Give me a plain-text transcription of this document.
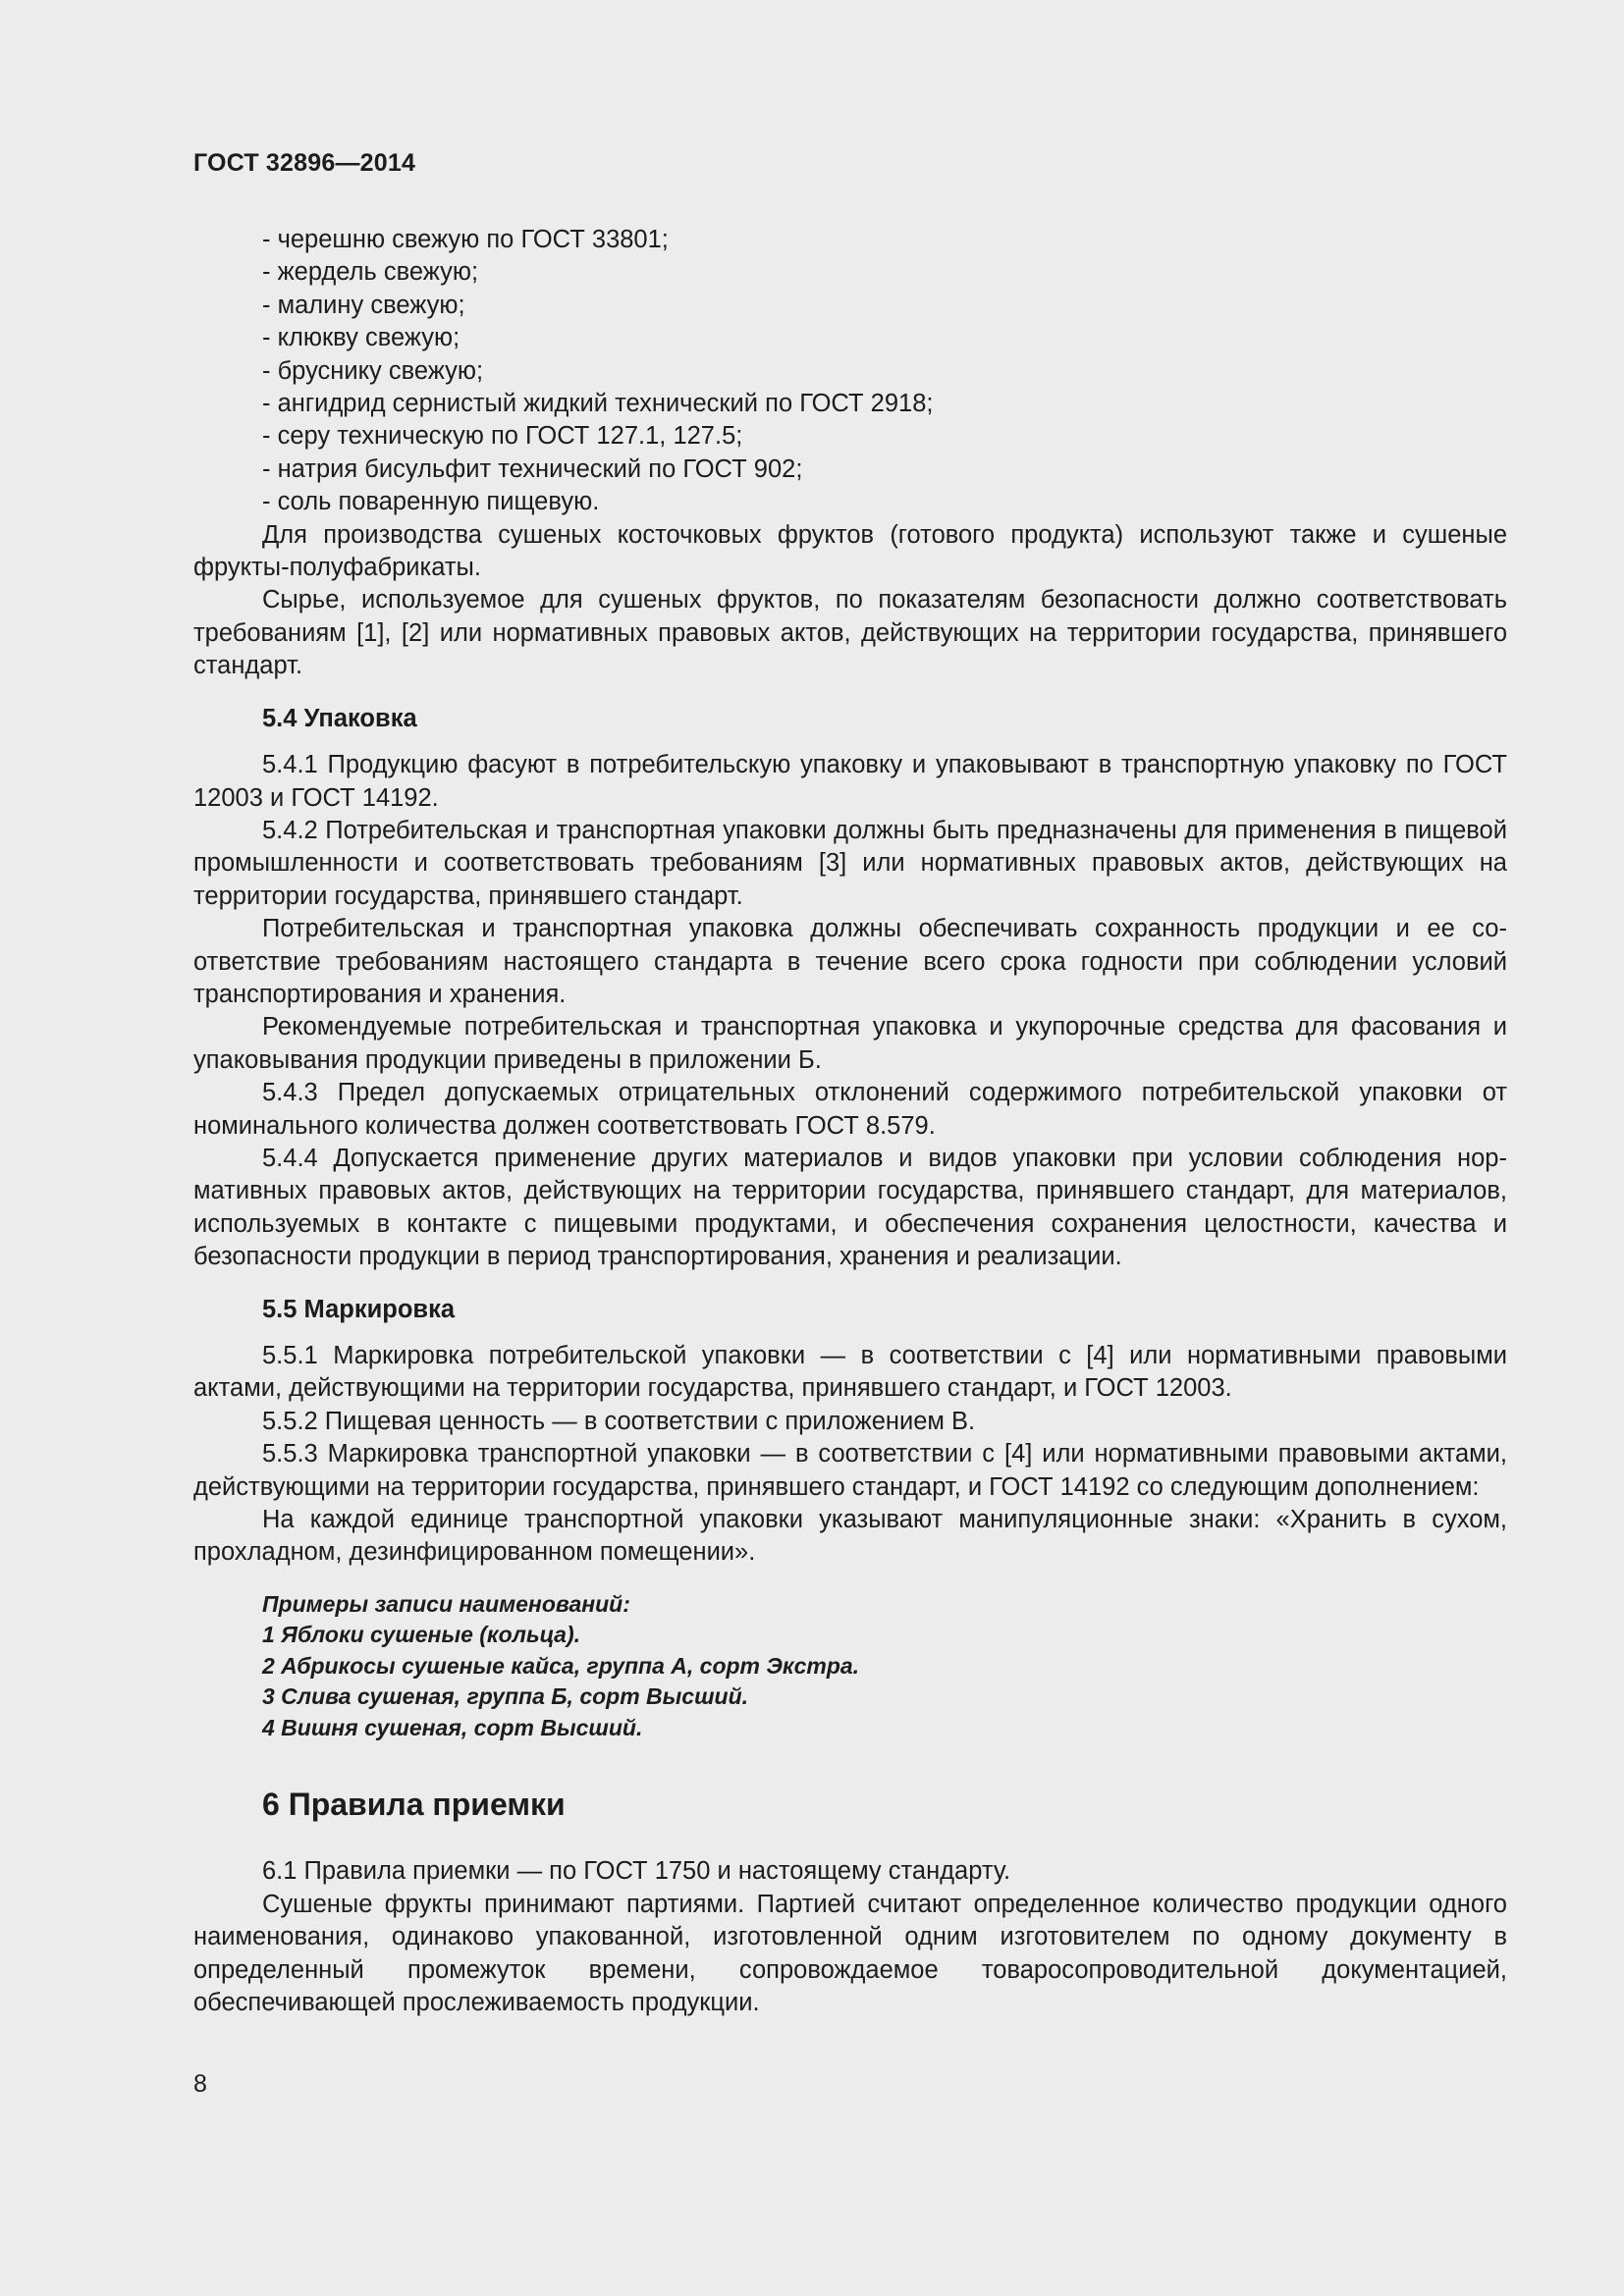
ГОСТ 32896—2014

- черешню свежую по ГОСТ 33801;

- жердель свежую;

- малину свежую;

- клюкву свежую;

- бруснику свежую;

- ангидрид сернистый жидкий технический по ГОСТ 2918;

- серу техническую по ГОСТ 127.1, 127.5;

- натрия бисульфит технический по ГОСТ 902;

- соль поваренную пищевую.

Для производства сушеных косточковых фруктов (готового продукта) используют также и сушеные фрукты-полуфабрикаты.

Сырье, используемое для сушеных фруктов, по показателям безопасности должно соответствовать требованиям [1], [2] или нормативных правовых актов, действующих на территории государства, принявшего стандарт.

5.4 Упаковка

5.4.1 Продукцию фасуют в потребительскую упаковку и упаковывают в транспортную упаковку по ГОСТ 12003 и ГОСТ 14192.

5.4.2 Потребительская и транспортная упаковки должны быть предназначены для применения в пищевой промышленности и соответствовать требованиям [3] или нормативных правовых актов, действующих на территории государства, принявшего стандарт.

Потребительская и транспортная упаковка должны обеспечивать сохранность продукции и ее соответствие требованиям настоящего стандарта в течение всего срока годности при соблюдении условий транспортирования и хранения.

Рекомендуемые потребительская и транспортная упаковка и укупорочные средства для фасования и упаковывания продукции приведены в приложении Б.

5.4.3 Предел допускаемых отрицательных отклонений содержимого потребительской упаковки от номинального количества должен соответствовать ГОСТ 8.579.

5.4.4 Допускается применение других материалов и видов упаковки при условии соблюдения нормативных правовых актов, действующих на территории государства, принявшего стандарт, для материалов, используемых в контакте с пищевыми продуктами, и обеспечения сохранения целостности, качества и безопасности продукции в период транспортирования, хранения и реализации.

5.5 Маркировка

5.5.1 Маркировка потребительской упаковки — в соответствии с [4] или нормативными правовыми актами, действующими на территории государства, принявшего стандарт, и ГОСТ 12003.

5.5.2 Пищевая ценность — в соответствии с приложением В.

5.5.3 Маркировка транспортной упаковки — в соответствии с [4] или нормативными правовыми актами, действующими на территории государства, принявшего стандарт, и ГОСТ 14192 со следующим дополнением:

На каждой единице транспортной упаковки указывают манипуляционные знаки: «Хранить в сухом, прохладном, дезинфицированном помещении».

Примеры записи наименований:

1 Яблоки сушеные (кольца).

2 Абрикосы сушеные кайса, группа А, сорт Экстра.

3 Слива сушеная, группа Б, сорт Высший.

4 Вишня сушеная, сорт Высший.

6 Правила приемки

6.1 Правила приемки — по ГОСТ 1750 и настоящему стандарту.

Сушеные фрукты принимают партиями. Партией считают определенное количество продукции одного наименования, одинаково упакованной, изготовленной одним изготовителем по одному документу в определенный промежуток времени, сопровождаемое товаросопроводительной документацией, обеспечивающей прослеживаемость продукции.

8
